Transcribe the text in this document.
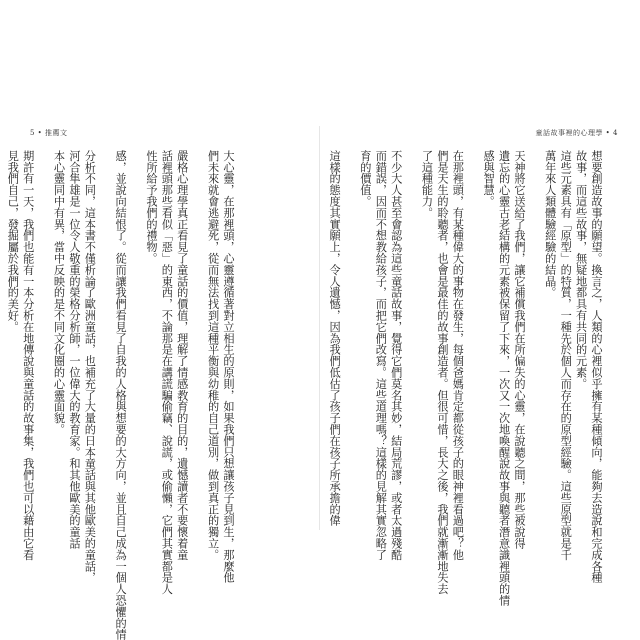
5 • 推薦文
大心靈，在那裡頭，心靈遵循著對立相生的原則，如果我們只想讓孩子見到生，那麼他
們未來就會逃避死，從而無法找到這種平衡與幼稚的自己道別，做到真正的獨立。

嚴格心理學真正看見了童話的價值，理解了情感教育的目的，遺憾讀者不要懷着童
話裡頭那些看似「惡」的東西，不論那是在講謊騙偷竊、說謊，或偷懶，它們其實都是人
性所給予我們的禮物。

感，並說向結恨了。從而讓我們看見了自我的人格與想要的大方向，並且自己成為一個人恐懼的情

分析不同，這本書不僅析論了歐洲童話，也補充了大量的日本童話與其他歐美的童話，
河合隼雄是一位令人敬重的榮格分析師，一位偉大的教育家。和其他歐美的童話
本心靈同中有異，當中反映的是不同文化圈的心靈面貌。

期許有一天，我們也能有一本分析在地傳說與童話的故事集，我們也可以藉由它看
見我們自己，發掘屬於我們的美好。

童話故事裡的心理學 • 4
想要創造故事的願望。換言之，人類的心裡似乎擁有某種傾向，能夠去造說和完成各種
故事，而這些故事，無疑地都具有共同的元素。
這些元素具有「原型」的特質，一種先於個人而存在的原型經驗。這些原型就是千
萬年來人類體驗經驗的結晶。

天神將它送給了我們，讓它補償我們在所偏失的心靈，在說聽之間，那些被說得
遺忘的心靈古老結構的元素被保留了下來，一次又一次地喚醒說故事與聽者潛意識裡頭的情
感與智慧。

在那裡頭，有某種偉大的事物在發生，每個爸媽肯定都從孩子的眼神裡看過吧？他
們是天生的聆聽者，也會是最佳的故事創造者。但很可惜，長大之後，我們就漸漸地失去
了這種能力。

不少大人甚至會認為這些童話故事，覺得它們莫名其妙，結局荒謬，或者太過殘酷
而錯誤，因而不想教給孩子，而把它們改寫。這些道理嗎？這樣的見解其實忽略了
育的價值。

這樣的態度其實願上，令人遺憾，因為我們低估了孩子們在孩子所承擔的偉
